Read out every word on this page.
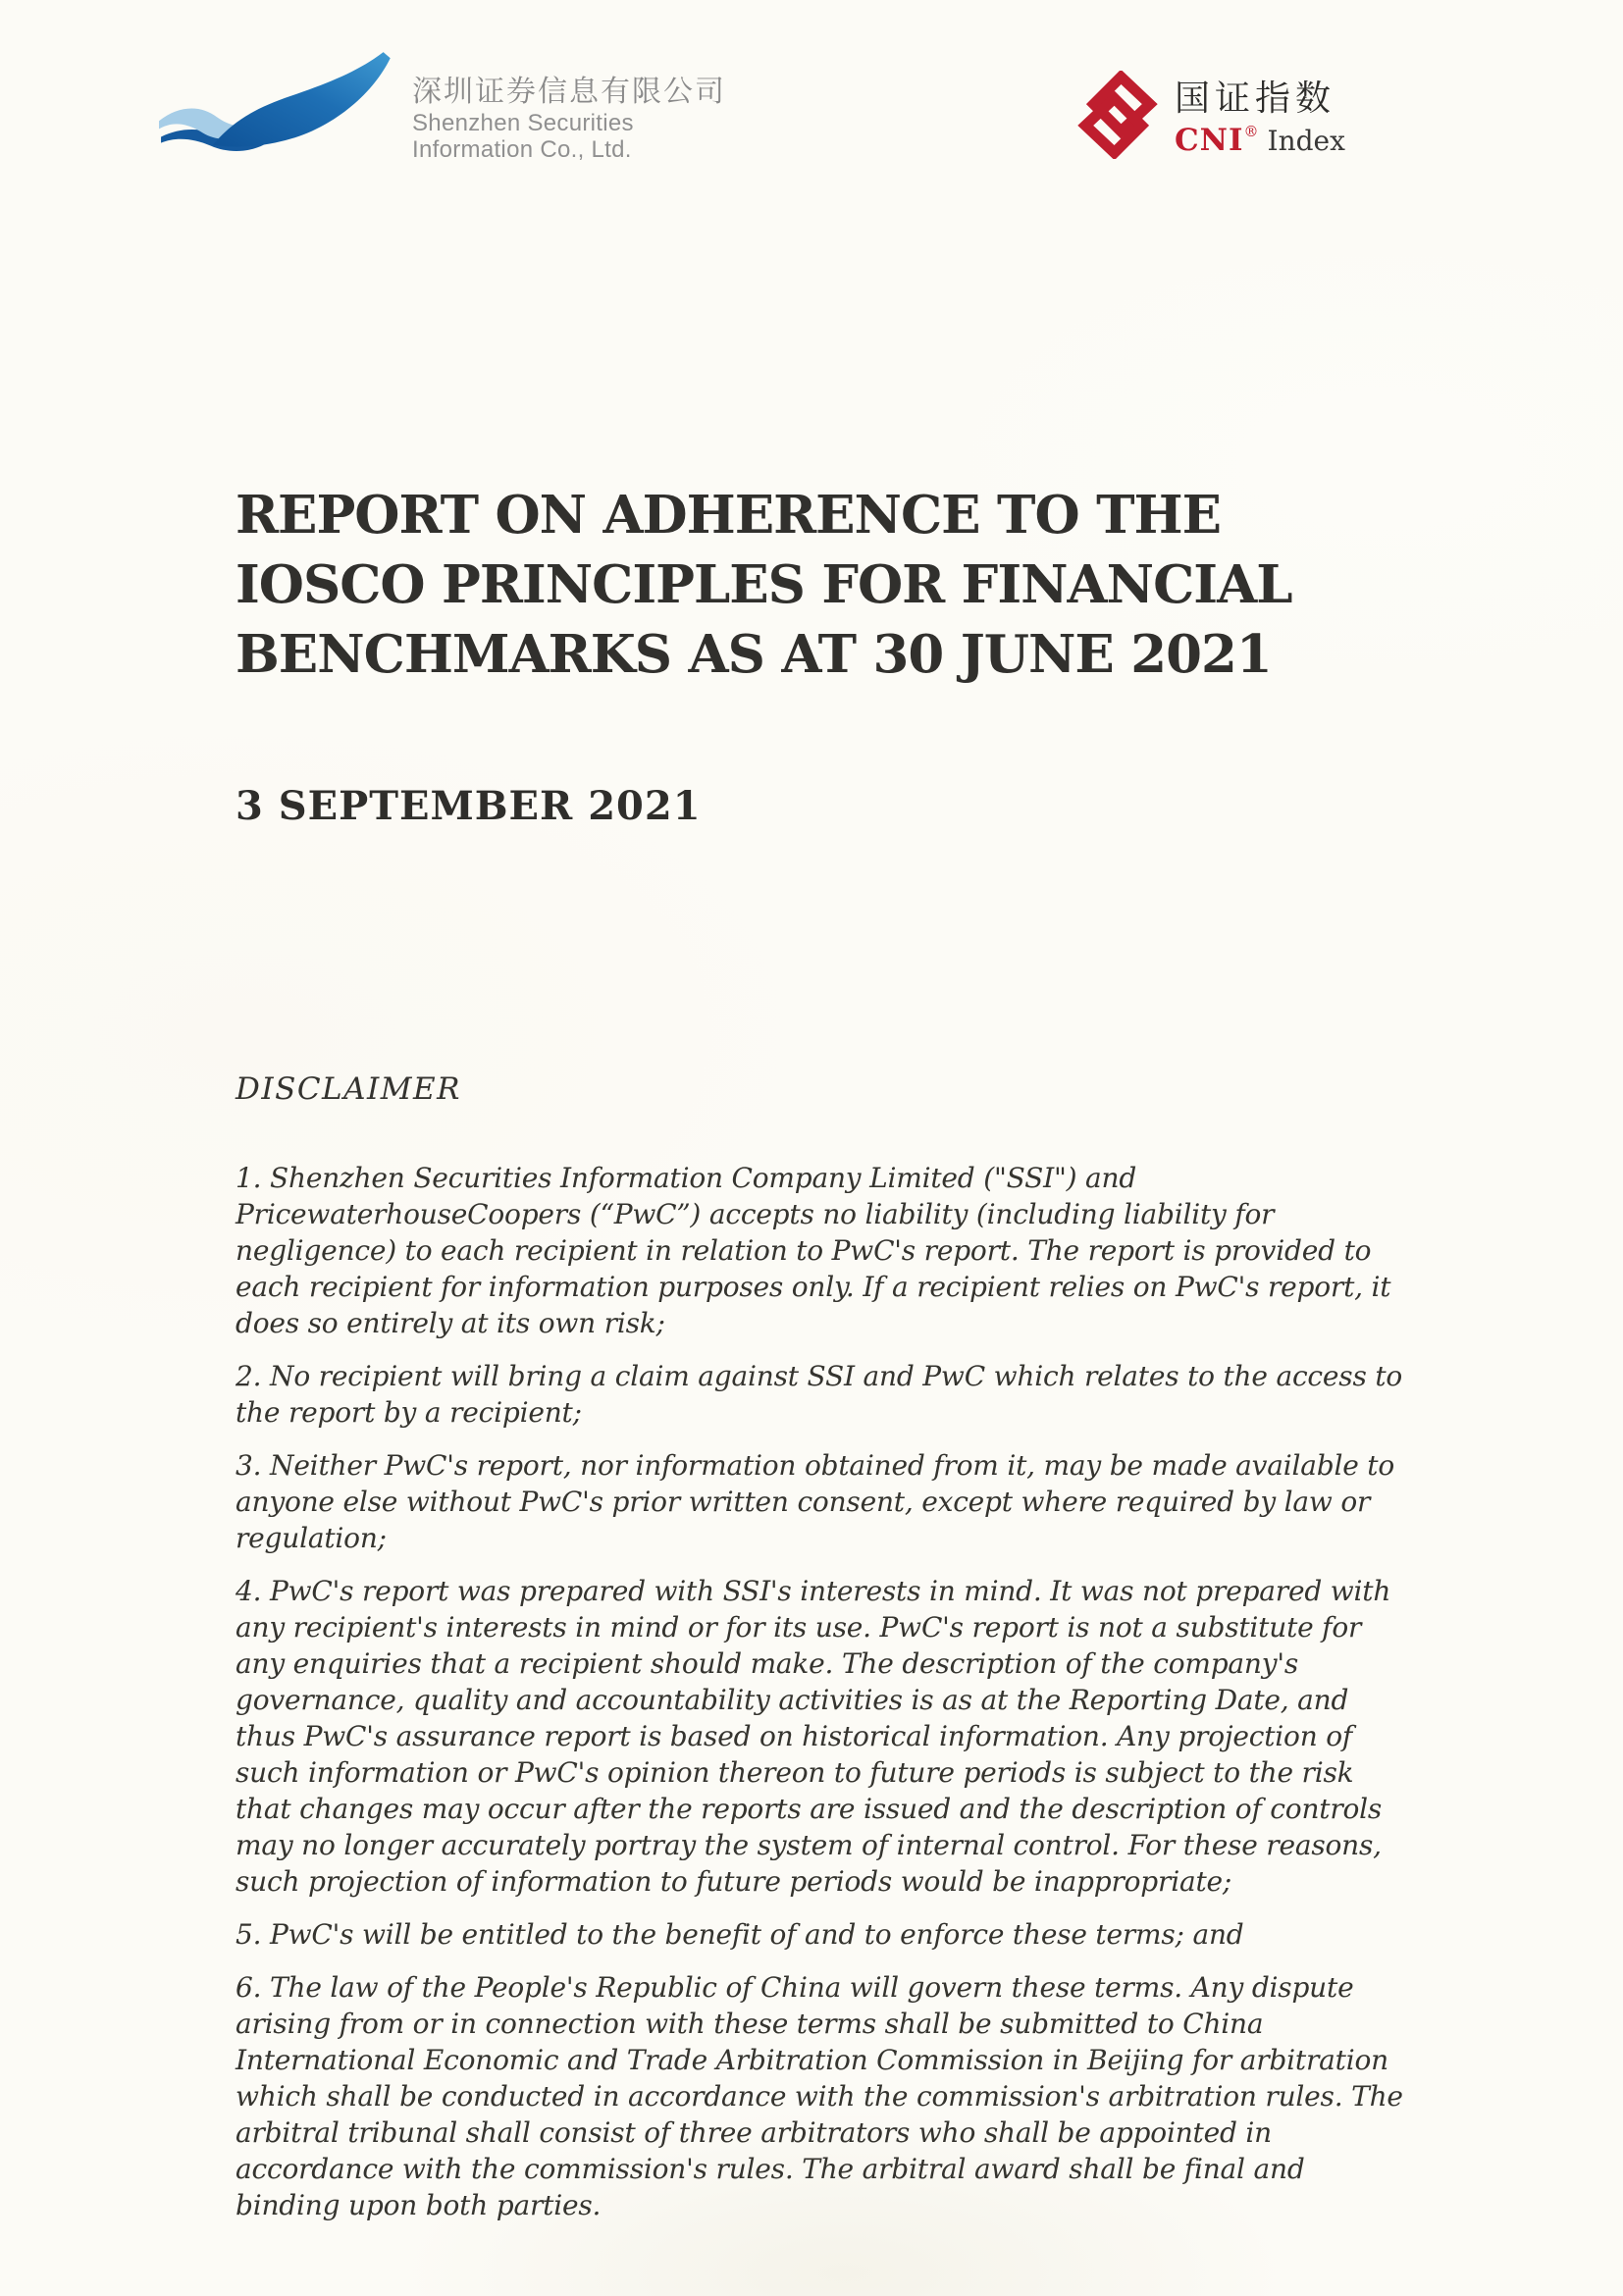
深圳证券信息有限公司
Shenzhen Securities
Information Co., Ltd.
国证指数
CNI® Index
REPORT ON ADHERENCE TO THE
IOSCO PRINCIPLES FOR FINANCIAL
BENCHMARKS AS AT 30 JUNE 2021
3 SEPTEMBER 2021
DISCLAIMER

1. Shenzhen Securities Information Company Limited ("SSI") and PricewaterhouseCoopers (“PwC”) accepts no liability (including liability for negligence) to each recipient in relation to PwC's report. The report is provided to each recipient for information purposes only. If a recipient relies on PwC's report, it does so entirely at its own risk;

2. No recipient will bring a claim against SSI and PwC which relates to the access to the report by a recipient;

3. Neither PwC's report, nor information obtained from it, may be made available to anyone else without PwC's prior written consent, except where required by law or regulation;

4. PwC's report was prepared with SSI's interests in mind. It was not prepared with any recipient's interests in mind or for its use. PwC's report is not a substitute for any enquiries that a recipient should make. The description of the company's governance, quality and accountability activities is as at the Reporting Date, and thus PwC's assurance report is based on historical information. Any projection of such information or PwC's opinion thereon to future periods is subject to the risk that changes may occur after the reports are issued and the description of controls may no longer accurately portray the system of internal control. For these reasons, such projection of information to future periods would be inappropriate;

5. PwC's will be entitled to the benefit of and to enforce these terms; and

6. The law of the People's Republic of China will govern these terms. Any dispute arising from or in connection with these terms shall be submitted to China International Economic and Trade Arbitration Commission in Beijing for arbitration which shall be conducted in accordance with the commission's arbitration rules. The arbitral tribunal shall consist of three arbitrators who shall be appointed in accordance with the commission's rules. The arbitral award shall be final and binding upon both parties.
